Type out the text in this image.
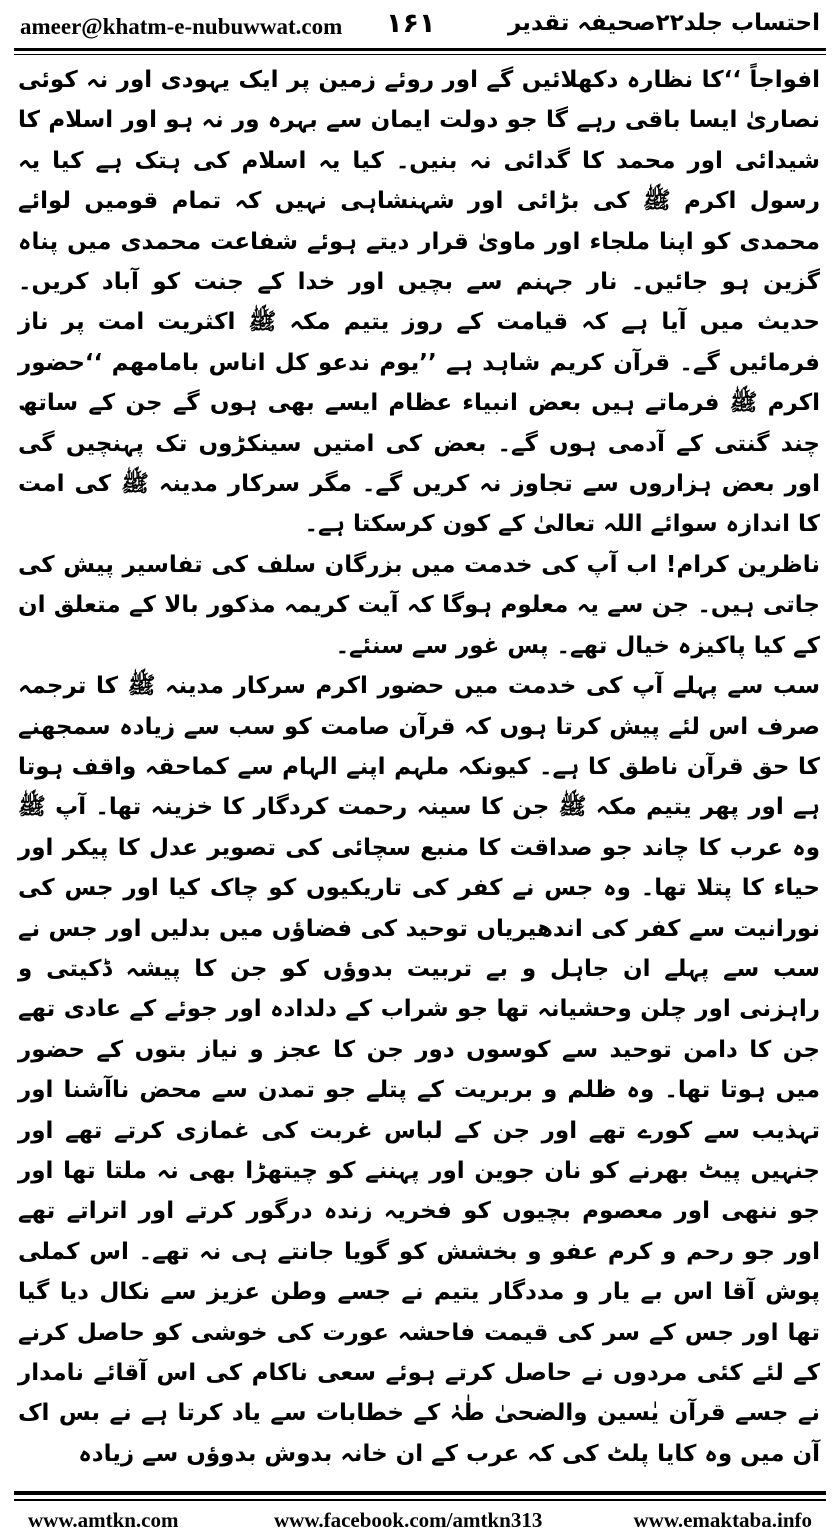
ameer@khatm-e-nubuwwat.com ۱۶۱	احتساب جلد۲۲صحیفہ تقدیر

افواجاً ‘‘کا نظارہ دکھلائیں گے اور روئے زمین پر ایک یہودی اور نہ کوئی نصاریٰ ایسا باقی رہے گا جو دولت ایمان سے بہرہ ور نہ ہو اور اسلام کا شیدائی اور محمد کا گدائی نہ بنیں۔ کیا یہ اسلام کی ہتک ہے کیا یہ رسول اکرم ﷺ کی بڑائی اور شہنشاہی نہیں کہ تمام قومیں لوائے محمدی کو اپنا ملجاء اور ماویٰ قرار دیتے ہوئے شفاعت محمدی میں پناہ گزین ہو جائیں۔ نار جہنم سے بچیں اور خدا کے جنت کو آباد کریں۔ حدیث میں آیا ہے کہ قیامت کے روز یتیم مکہ ﷺ اکثریت امت پر ناز فرمائیں گے۔ قرآن کریم شاہد ہے ’’یوم ندعو کل اناس بامامھم ‘‘حضور اکرم ﷺ فرماتے ہیں بعض انبیاء عظام ایسے بھی ہوں گے جن کے ساتھ چند گنتی کے آدمی ہوں گے۔ بعض کی امتیں سینکڑوں تک پہنچیں گی اور بعض ہزاروں سے تجاوز نہ کریں گے۔ مگر سرکار مدینہ ﷺ کی امت کا اندازہ سوائے اللہ تعالیٰ کے کون کرسکتا ہے۔

ناظرین کرام! اب آپ کی خدمت میں بزرگان سلف کی تفاسیر پیش کی جاتی ہیں۔ جن سے یہ معلوم ہوگا کہ آیت کریمہ مذکور بالا کے متعلق ان کے کیا پاکیزہ خیال تھے۔ پس غور سے سنئے۔

سب سے پہلے آپ کی خدمت میں حضور اکرم سرکار مدینہ ﷺ کا ترجمہ صرف اس لئے پیش کرتا ہوں کہ قرآن صامت کو سب سے زیادہ سمجھنے کا حق قرآن ناطق کا ہے۔ کیونکہ ملہم اپنے الہام سے کماحقہ واقف ہوتا ہے اور پھر یتیم مکہ ﷺ جن کا سینہ رحمت کردگار کا خزینہ تھا۔ آپ ﷺ وہ عرب کا چاند جو صداقت کا منبع سچائی کی تصویر عدل کا پیکر اور حیاء کا پتلا تھا۔ وہ جس نے کفر کی تاریکیوں کو چاک کیا اور جس کی نورانیت سے کفر کی اندھیریاں توحید کی فضاؤں میں بدلیں اور جس نے سب سے پہلے ان جاہل و بے تربیت بدوؤں کو جن کا پیشہ ڈکیتی و راہزنی اور چلن وحشیانہ تھا جو شراب کے دلدادہ اور جوئے کے عادی تھے جن کا دامن توحید سے کوسوں دور جن کا عجز و نیاز بتوں کے حضور میں ہوتا تھا۔ وہ ظلم و بربریت کے پتلے جو تمدن سے محض ناآشنا اور تہذیب سے کورے تھے اور جن کے لباس غربت کی غمازی کرتے تھے اور جنہیں پیٹ بھرنے کو نان جوین اور پہننے کو چیتھڑا بھی نہ ملتا تھا اور جو ننھی اور معصوم بچیوں کو فخریہ زندہ درگور کرتے اور اتراتے تھے اور جو رحم و کرم عفو و بخشش کو گویا جانتے ہی نہ تھے۔ اس کملی پوش آقا اس بے یار و مددگار یتیم نے جسے وطن عزیز سے نکال دیا گیا تھا اور جس کے سر کی قیمت فاحشہ عورت کی خوشی کو حاصل کرنے کے لئے کئی مردوں نے حاصل کرتے ہوئے سعی ناکام کی اس آقائے نامدار نے جسے قرآن یٰسین والضحیٰ طٰہٰ کے خطابات سے یاد کرتا ہے نے بس اک آن میں وہ کایا پلٹ کی کہ عرب کے ان خانہ بدوش بدوؤں سے زیادہ

www.amtkn.com	www.facebook.com/amtkn313	www.emaktaba.info
